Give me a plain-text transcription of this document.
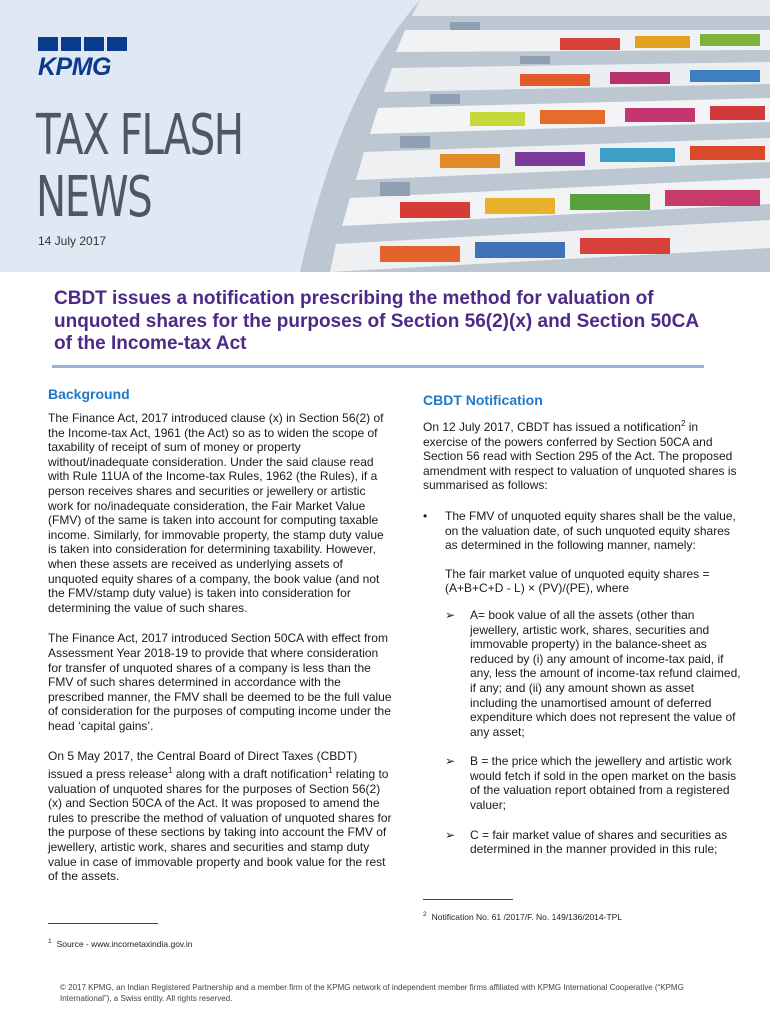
KPMG
TAX FLASH
NEWS
14 July 2017
CBDT issues a notification prescribing the method for valuation of unquoted shares for the purposes of Section 56(2)(x) and Section 50CA of the Income-tax Act
Background

The Finance Act, 2017 introduced clause (x) in Section 56(2) of the Income-tax Act, 1961 (the Act) so as to widen the scope of taxability of receipt of sum of money or property without/inadequate consideration. Under the said clause read with Rule 11UA of the Income-tax Rules, 1962 (the Rules), if a person receives shares and securities or jewellery or artistic work for no/inadequate consideration, the Fair Market Value (FMV) of the same is taken into account for computing taxable income. Similarly, for immovable property, the stamp duty value is taken into consideration for determining taxability. However, when these assets are received as underlying assets of unquoted equity shares of a company, the book value (and not the FMV/stamp duty value) is taken into consideration for determining the value of such shares.

The Finance Act, 2017 introduced Section 50CA with effect from Assessment Year 2018-19 to provide that where consideration for transfer of unquoted shares of a company is less than the FMV of such shares determined in accordance with the prescribed manner, the FMV shall be deemed to be the full value of consideration for the purposes of computing income under the head ‘capital gains’.

On 5 May 2017, the Central Board of Direct Taxes (CBDT) issued a press release$^1$ along with a draft notification$^1$ relating to valuation of unquoted shares for the purposes of Section 56(2)(x) and Section 50CA of the Act. It was proposed to amend the rules to prescribe the method of valuation of unquoted shares for the purpose of these sections by taking into account the FMV of jewellery, artistic work, shares and securities and stamp duty value in case of immovable property and book value for the rest of the assets.

CBDT Notification

On 12 July 2017, CBDT has issued a notification$^2$ in exercise of the powers conferred by Section 50CA and Section 56 read with Section 295 of the Act. The proposed amendment with respect to valuation of unquoted shares is summarised as follows:

•	The FMV of unquoted equity shares shall be the value, on the valuation date, of such unquoted equity shares as determined in the following manner, namely:

The fair market value of unquoted equity shares = (A+B+C+D - L) × (PV)/(PE), where

➢	A= book value of all the assets (other than jewellery, artistic work, shares, securities and immovable property) in the balance-sheet as reduced by (i) any amount of income-tax paid, if any, less the amount of income-tax refund claimed, if any; and (ii) any amount shown as asset including the unamortised amount of deferred expenditure which does not represent the value of any asset;

➢	B = the price which the jewellery and artistic work would fetch if sold in the open market on the basis of the valuation report obtained from a registered valuer;

➢	C = fair market value of shares and securities as determined in the manner provided in this rule;

$^2$ Notification No. 61 /2017/F. No. 149/136/2014-TPL
$^1$ Source - www.incometaxindia.gov.in
© 2017 KPMG, an Indian Registered Partnership and a member firm of the KPMG network of independent member firms affiliated with KPMG International Cooperative (“KPMG International”), a Swiss entity. All rights reserved.
